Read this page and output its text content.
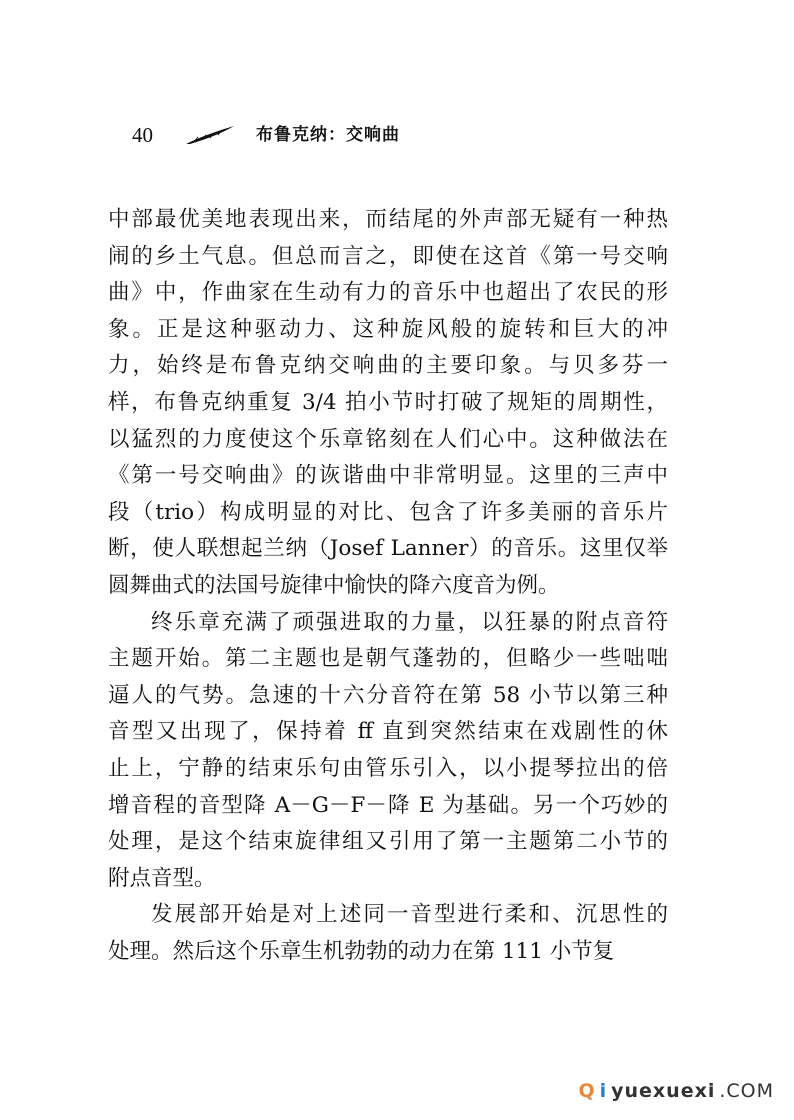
40	布鲁克纳：交响曲
中部最优美地表现出来，而结尾的外声部无疑有一种热
闹的乡土气息。但总而言之，即使在这首《第一号交响
曲》中，作曲家在生动有力的音乐中也超出了农民的形
象。正是这种驱动力、这种旋风般的旋转和巨大的冲
力，始终是布鲁克纳交响曲的主要印象。与贝多芬一
样，布鲁克纳重复 3/4 拍小节时打破了规矩的周期性，
以猛烈的力度使这个乐章铭刻在人们心中。这种做法在
《第一号交响曲》的诙谐曲中非常明显。这里的三声中
段（trio）构成明显的对比、包含了许多美丽的音乐片
断，使人联想起兰纳（Josef Lanner）的音乐。这里仅举
圆舞曲式的法国号旋律中愉快的降六度音为例。
终乐章充满了顽强进取的力量，以狂暴的附点音符
主题开始。第二主题也是朝气蓬勃的，但略少一些咄咄
逼人的气势。急速的十六分音符在第 58 小节以第三种
音型又出现了，保持着 ff 直到突然结束在戏剧性的休
止上，宁静的结束乐句由管乐引入，以小提琴拉出的倍
增音程的音型降 A－G－F－降 E 为基础。另一个巧妙的
处理，是这个结束旋律组又引用了第一主题第二小节的
附点音型。
发展部开始是对上述同一音型进行柔和、沉思性的
处理。然后这个乐章生机勃勃的动力在第 111 小节复
Q i yuexuexi .COM
